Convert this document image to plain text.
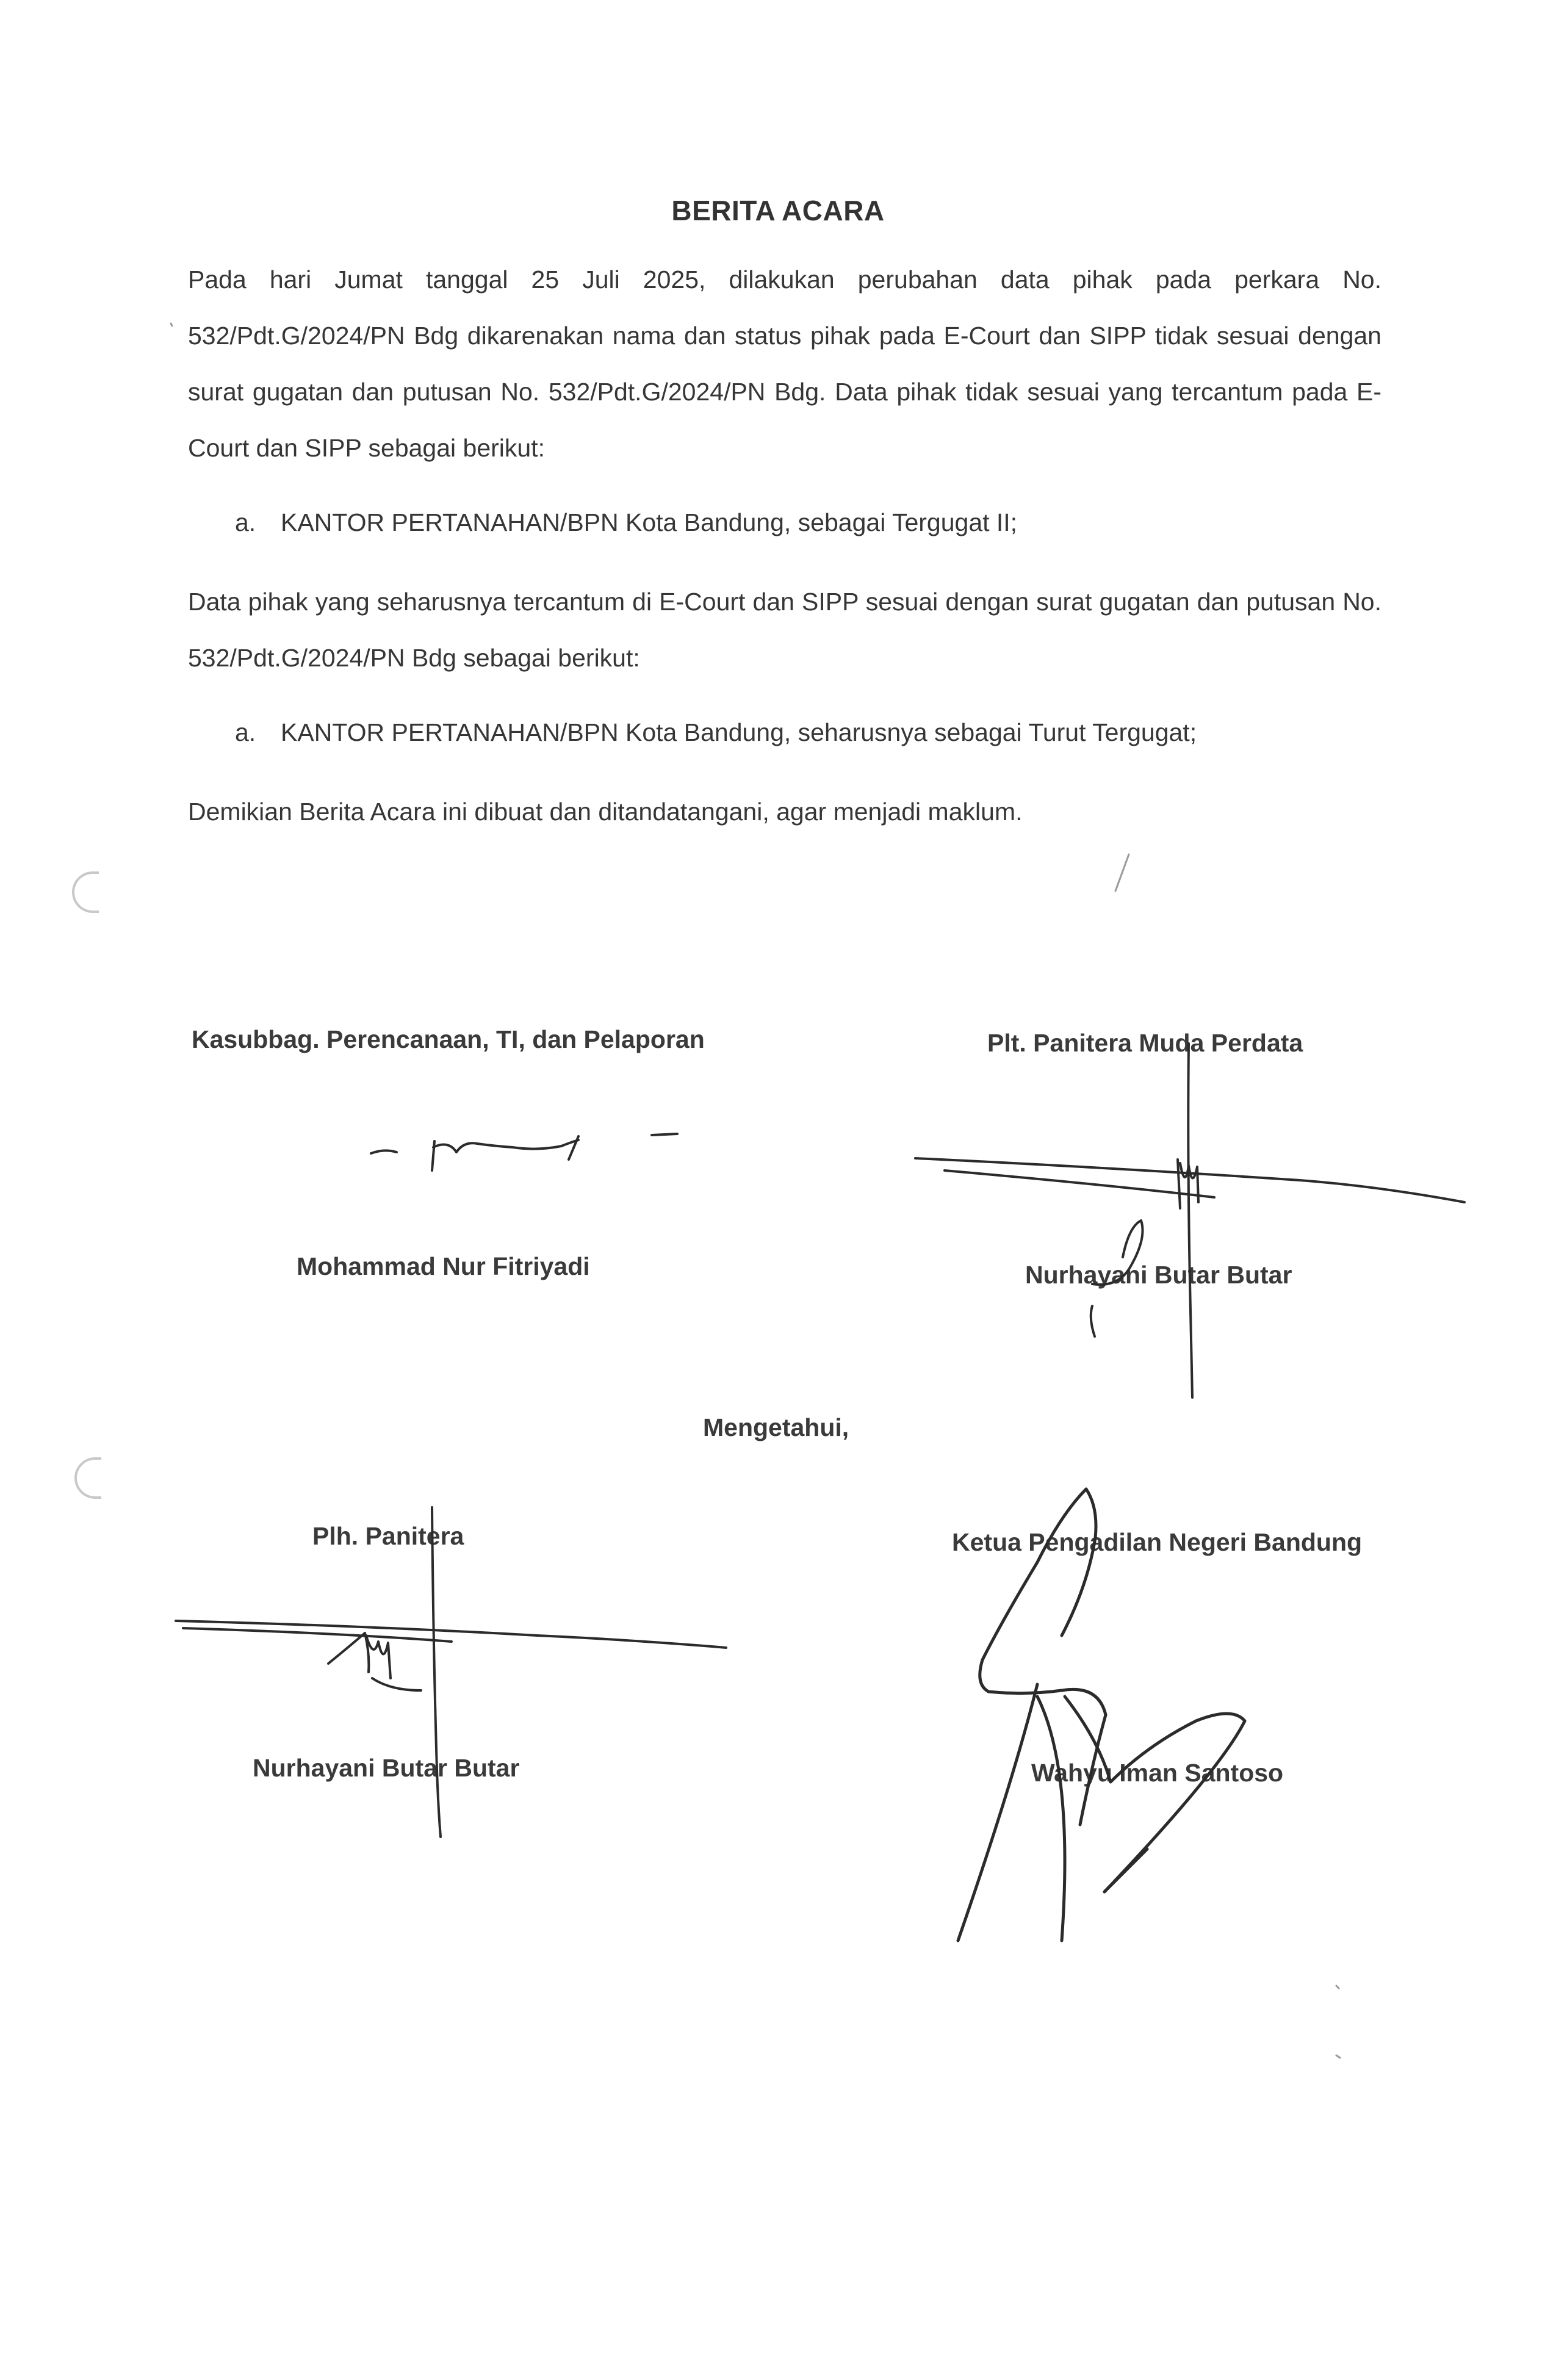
BERITA ACARA
Pada hari Jumat tanggal 25 Juli 2025, dilakukan perubahan data pihak pada perkara No. 532/Pdt.G/2024/PN Bdg dikarenakan nama dan status pihak pada E-Court dan SIPP tidak sesuai dengan surat gugatan dan putusan No. 532/Pdt.G/2024/PN Bdg. Data pihak tidak sesuai yang tercantum pada E-Court dan SIPP sebagai berikut:
a. KANTOR PERTANAHAN/BPN Kota Bandung, sebagai Tergugat II;
Data pihak yang seharusnya tercantum di E-Court dan SIPP sesuai dengan surat gugatan dan putusan No. 532/Pdt.G/2024/PN Bdg sebagai berikut:
a. KANTOR PERTANAHAN/BPN Kota Bandung, seharusnya sebagai Turut Tergugat;
Demikian Berita Acara ini dibuat dan ditandatangani, agar menjadi maklum.
Kasubbag. Perencanaan, TI, dan Pelaporan
Mohammad Nur Fitriyadi
Plt. Panitera Muda Perdata
Nurhayani Butar Butar
Mengetahui,
Plh. Panitera
Nurhayani Butar Butar
Ketua Pengadilan Negeri Bandung
Wahyu Iman Santoso
